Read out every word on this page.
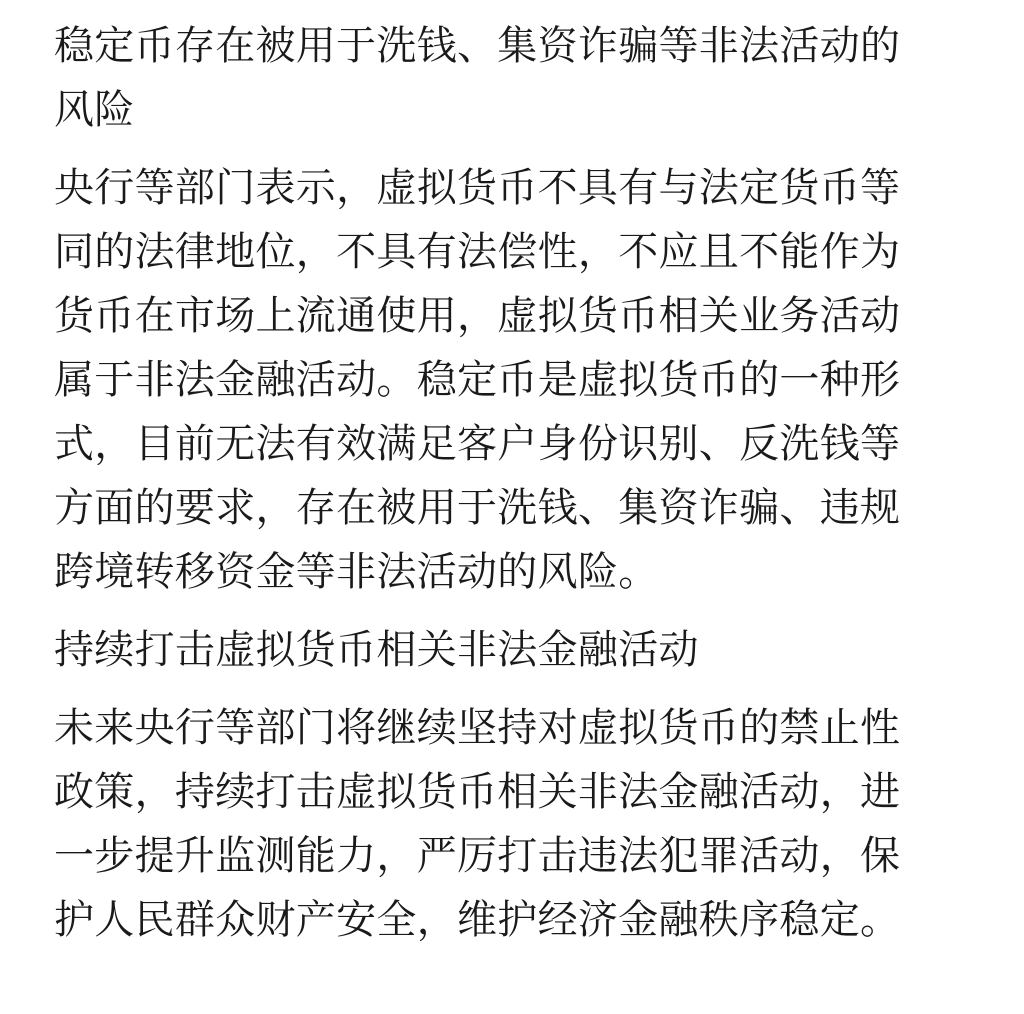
稳定币存在被用于洗钱、集资诈骗等非法活动的
风险
央行等部门表示，虚拟货币不具有与法定货币等
同的法律地位，不具有法偿性，不应且不能作为
货币在市场上流通使用，虚拟货币相关业务活动
属于非法金融活动。稳定币是虚拟货币的一种形
式，目前无法有效满足客户身份识别、反洗钱等
方面的要求，存在被用于洗钱、集资诈骗、违规
跨境转移资金等非法活动的风险。
持续打击虚拟货币相关非法金融活动
未来央行等部门将继续坚持对虚拟货币的禁止性
政策，持续打击虚拟货币相关非法金融活动，进
一步提升监测能力，严厉打击违法犯罪活动，保
护人民群众财产安全，维护经济金融秩序稳定。
